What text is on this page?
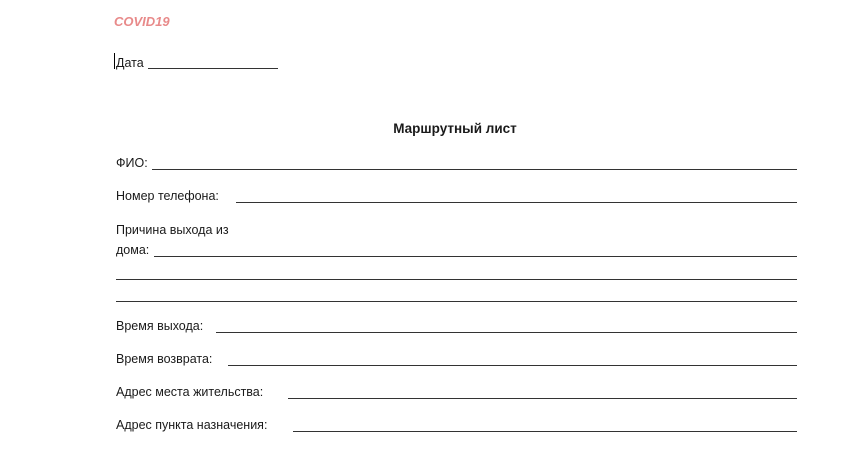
COVID19
Дата
Маршрутный лист
ФИО:
Номер телефона:
Причина выхода из
дома:
Время выхода:
Время возврата:
Адрес места жительства:
Адрес пункта назначения:
